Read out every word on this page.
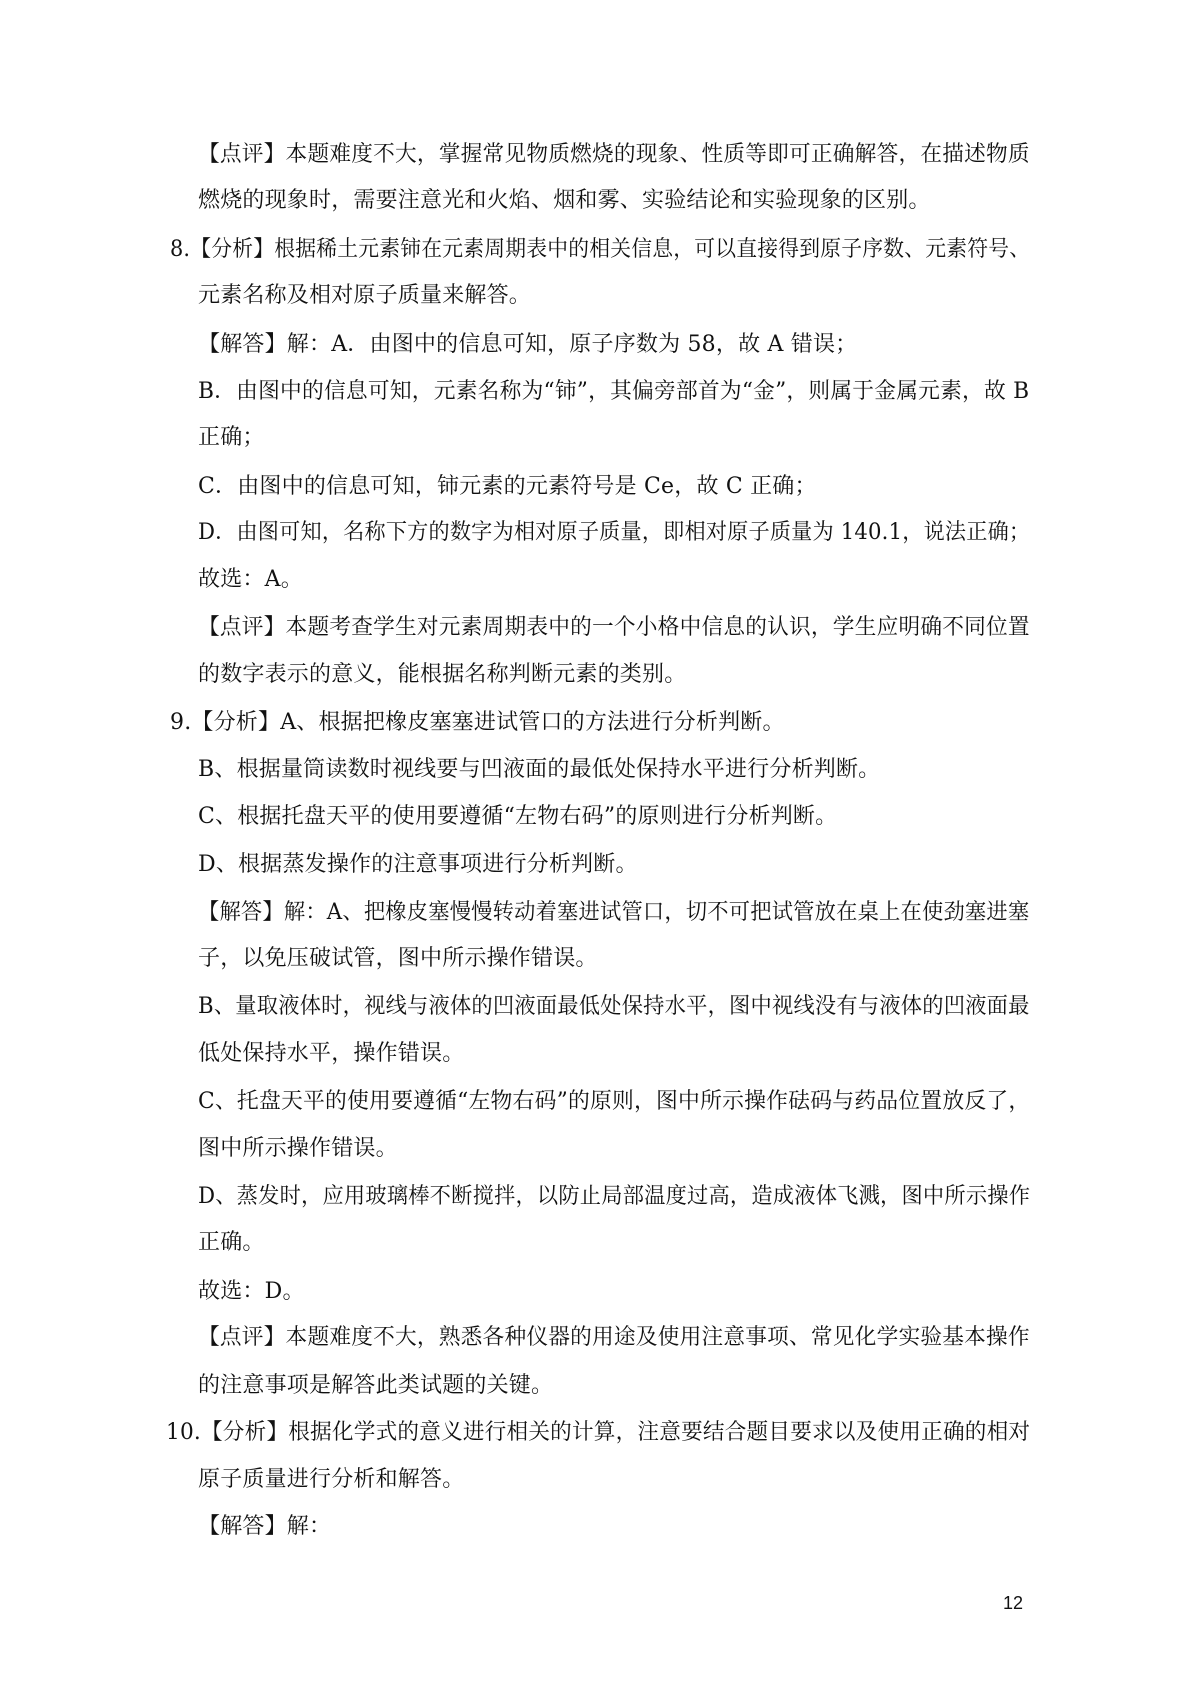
【点评】本题难度不大，掌握常见物质燃烧的现象、性质等即可正确解答，在描述物质

燃烧的现象时，需要注意光和火焰、烟和雾、实验结论和实验现象的区别。

8.【分析】根据稀土元素铈在元素周期表中的相关信息，可以直接得到原子序数、元素符号、

元素名称及相对原子质量来解答。

【解答】解：A．由图中的信息可知，原子序数为 58，故 A 错误；

B．由图中的信息可知，元素名称为“铈”，其偏旁部首为“金”，则属于金属元素，故 B

正确；

C．由图中的信息可知，铈元素的元素符号是 Ce，故 C 正确；

D．由图可知，名称下方的数字为相对原子质量，即相对原子质量为 140.1，说法正确；

故选：A。

【点评】本题考查学生对元素周期表中的一个小格中信息的认识，学生应明确不同位置

的数字表示的意义，能根据名称判断元素的类别。

9.【分析】A、根据把橡皮塞塞进试管口的方法进行分析判断。

B、根据量筒读数时视线要与凹液面的最低处保持水平进行分析判断。

C、根据托盘天平的使用要遵循“左物右码”的原则进行分析判断。

D、根据蒸发操作的注意事项进行分析判断。

【解答】解：A、把橡皮塞慢慢转动着塞进试管口，切不可把试管放在桌上在使劲塞进塞

子，以免压破试管，图中所示操作错误。

B、量取液体时，视线与液体的凹液面最低处保持水平，图中视线没有与液体的凹液面最

低处保持水平，操作错误。

C、托盘天平的使用要遵循“左物右码”的原则，图中所示操作砝码与药品位置放反了，

图中所示操作错误。

D、蒸发时，应用玻璃棒不断搅拌，以防止局部温度过高，造成液体飞溅，图中所示操作

正确。

故选：D。

【点评】本题难度不大，熟悉各种仪器的用途及使用注意事项、常见化学实验基本操作

的注意事项是解答此类试题的关键。

10.【分析】根据化学式的意义进行相关的计算，注意要结合题目要求以及使用正确的相对

原子质量进行分析和解答。

【解答】解：

12
